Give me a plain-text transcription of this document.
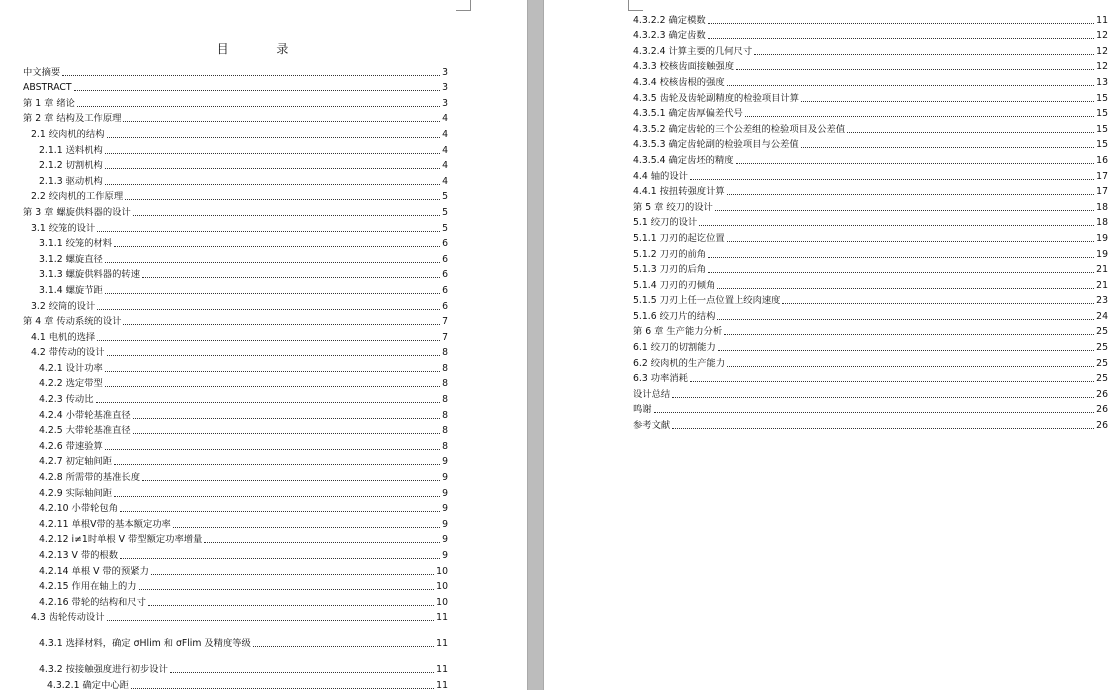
目 录
中文摘要	3
ABSTRACT	3
第 1 章 绪论	3
第 2 章 结构及工作原理	4
2.1 绞肉机的结构	4
2.1.1 送料机构	4
2.1.2 切割机构	4
2.1.3 驱动机构	4
2.2 绞肉机的工作原理	5
第 3 章 螺旋供料器的设计	5
3.1 绞笼的设计	5
3.1.1 绞笼的材料	6
3.1.2 螺旋直径	6
3.1.3 螺旋供料器的转速	6
3.1.4 螺旋节距	6
3.2 绞筒的设计	6
第 4 章 传动系统的设计	7
4.1 电机的选择	7
4.2 带传动的设计	8
4.2.1 设计功率	8
4.2.2 选定带型	8
4.2.3 传动比	8
4.2.4 小带轮基准直径	8
4.2.5 大带轮基准直径	8
4.2.6 带速验算	8
4.2.7 初定轴间距	9
4.2.8 所需带的基准长度	9
4.2.9 实际轴间距	9
4.2.10 小带轮包角	9
4.2.11 单根V带的基本额定功率	9
4.2.12 i≠1时单根 V 带型额定功率增量	9
4.2.13 V 带的根数	9
4.2.14 单根 V 带的预紧力	10
4.2.15 作用在轴上的力	10
4.2.16 带轮的结构和尺寸	10
4.3 齿轮传动设计	11
4.3.1 选择材料，确定 σHlim 和 σFlim 及精度等级	11
4.3.2 按接触强度进行初步设计	11
4.3.2.1 确定中心距	11
4.3.2.2 确定模数	11
4.3.2.3 确定齿数	12
4.3.2.4 计算主要的几何尺寸	12
4.3.3 校核齿面接触强度	12
4.3.4 校核齿根的强度	13
4.3.5 齿轮及齿轮副精度的检验项目计算	15
4.3.5.1 确定齿厚偏差代号	15
4.3.5.2 确定齿轮的三个公差组的检验项目及公差值	15
4.3.5.3 确定齿轮副的检验项目与公差值	15
4.3.5.4 确定齿坯的精度	16
4.4 轴的设计	17
4.4.1 按扭转强度计算	17
第 5 章 绞刀的设计	18
5.1 绞刀的设计	18
5.1.1 刀刃的起讫位置	19
5.1.2 刀刃的前角	19
5.1.3 刀刃的后角	21
5.1.4 刀刃的刃倾角	21
5.1.5 刀刃上任一点位置上绞肉速度	23
5.1.6 绞刀片的结构	24
第 6 章 生产能力分析	25
6.1 绞刀的切割能力	25
6.2 绞肉机的生产能力	25
6.3 功率消耗	25
设计总结	26
鸣谢	26
参考文献	26
